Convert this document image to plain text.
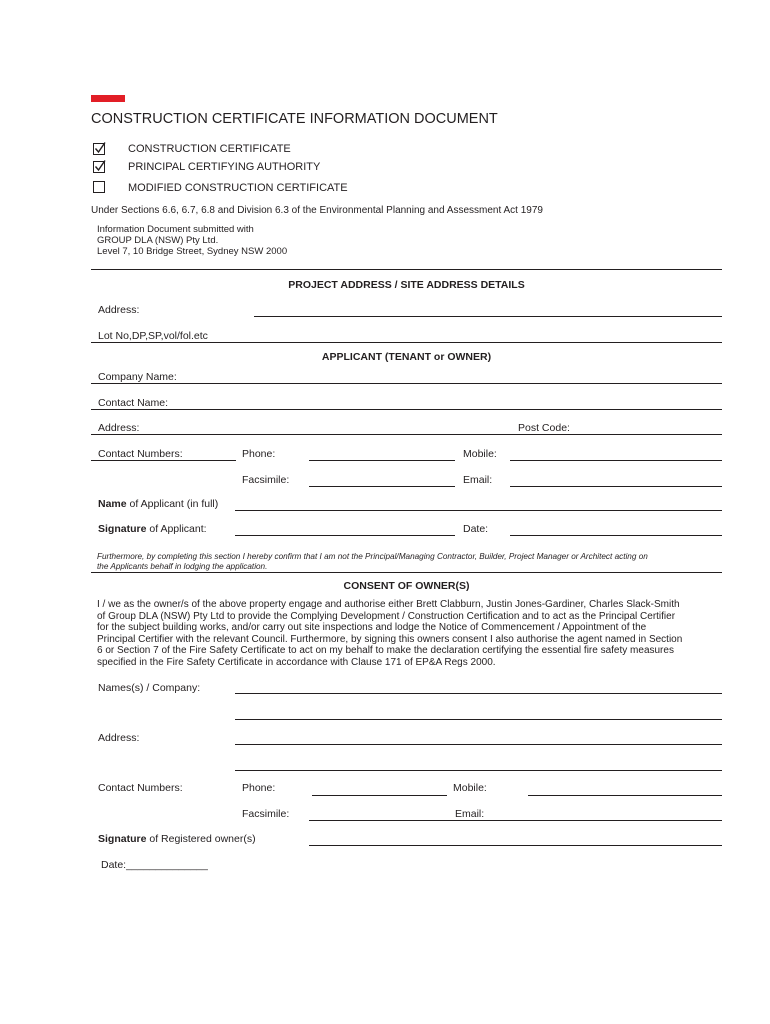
CONSTRUCTION CERTIFICATE INFORMATION DOCUMENT
CONSTRUCTION CERTIFICATE
PRINCIPAL CERTIFYING AUTHORITY
MODIFIED CONSTRUCTION CERTIFICATE
Under Sections 6.6, 6.7, 6.8 and Division 6.3 of the Environmental Planning and Assessment Act 1979
Information Document submitted with
GROUP DLA (NSW) Pty Ltd.
Level 7, 10 Bridge Street, Sydney NSW 2000
PROJECT ADDRESS / SITE ADDRESS DETAILS
Address:
Lot No,DP,SP,vol/fol.etc
APPLICANT (TENANT or OWNER)
Company Name:
Contact Name:
Address:	Post Code:
Contact Numbers:	Phone:	Mobile:
Facsimile:	Email:
Name of Applicant (in full)
Signature of Applicant:	Date:
Furthermore, by completing this section I hereby confirm that I am not the Principal/Managing Contractor, Builder, Project Manager or Architect acting on
the Applicants behalf in lodging the application.
CONSENT OF OWNER(S)
I / we as the owner/s of the above property engage and authorise either Brett Clabburn, Justin Jones-Gardiner, Charles Slack-Smith
of Group DLA (NSW) Pty Ltd to provide the Complying Development / Construction Certification and to act as the Principal Certifier
for the subject building works, and/or carry out site inspections and lodge the Notice of Commencement / Appointment of the
Principal Certifier with the relevant Council. Furthermore, by signing this owners consent I also authorise the agent named in Section
6 or Section 7 of the Fire Safety Certificate to act on my behalf to make the declaration certifying the essential fire safety measures
specified in the Fire Safety Certificate in accordance with Clause 171 of EP&A Regs 2000.
Names(s) / Company:
Address:
Contact Numbers:	Phone:	Mobile:
Facsimile:	Email:
Signature of Registered owner(s)
Date:______________
